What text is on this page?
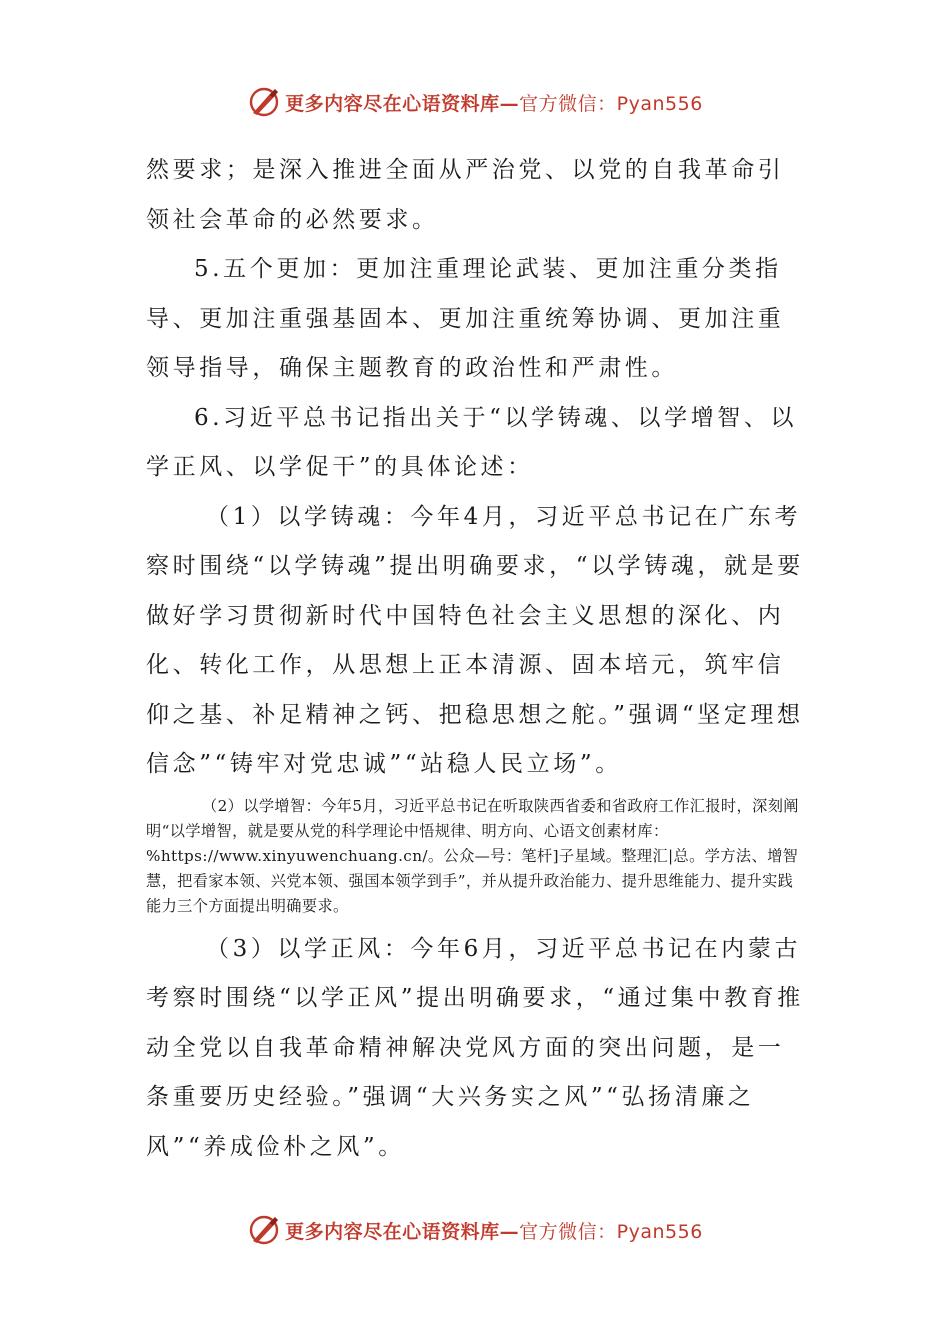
更多内容尽在心语资料库—官方微信：Pyan556

然要求；是深入推进全面从严治党、以党的自我革命引领社会革命的必然要求。

5.五个更加：更加注重理论武装、更加注重分类指导、更加注重强基固本、更加注重统筹协调、更加注重领导指导，确保主题教育的政治性和严肃性。

6.习近平总书记指出关于“以学铸魂、以学增智、以学正风、以学促干”的具体论述：

（1）以学铸魂：今年4月，习近平总书记在广东考察时围绕“以学铸魂”提出明确要求，“以学铸魂，就是要做好学习贯彻新时代中国特色社会主义思想的深化、内化、转化工作，从思想上正本清源、固本培元，筑牢信仰之基、补足精神之钙、把稳思想之舵。”强调“坚定理想信念”“铸牢对党忠诚”“站稳人民立场”。

（2）以学增智：今年5月，习近平总书记在听取陕西省委和省政府工作汇报时，深刻阐明“以学增智，就是要从党的科学理论中悟规律、明方向、心语文创素材库：%https://www.xinyuwenchuang.cn/。公众—号：笔杆]子星域。整理汇|总。学方法、增智慧，把看家本领、兴党本领、强国本领学到手”，并从提升政治能力、提升思维能力、提升实践能力三个方面提出明确要求。

（3）以学正风：今年6月，习近平总书记在内蒙古考察时围绕“以学正风”提出明确要求，“通过集中教育推动全党以自我革命精神解决党风方面的突出问题，是一条重要历史经验。”强调“大兴务实之风”“弘扬清廉之风”“养成俭朴之风”。

更多内容尽在心语资料库—官方微信：Pyan556
